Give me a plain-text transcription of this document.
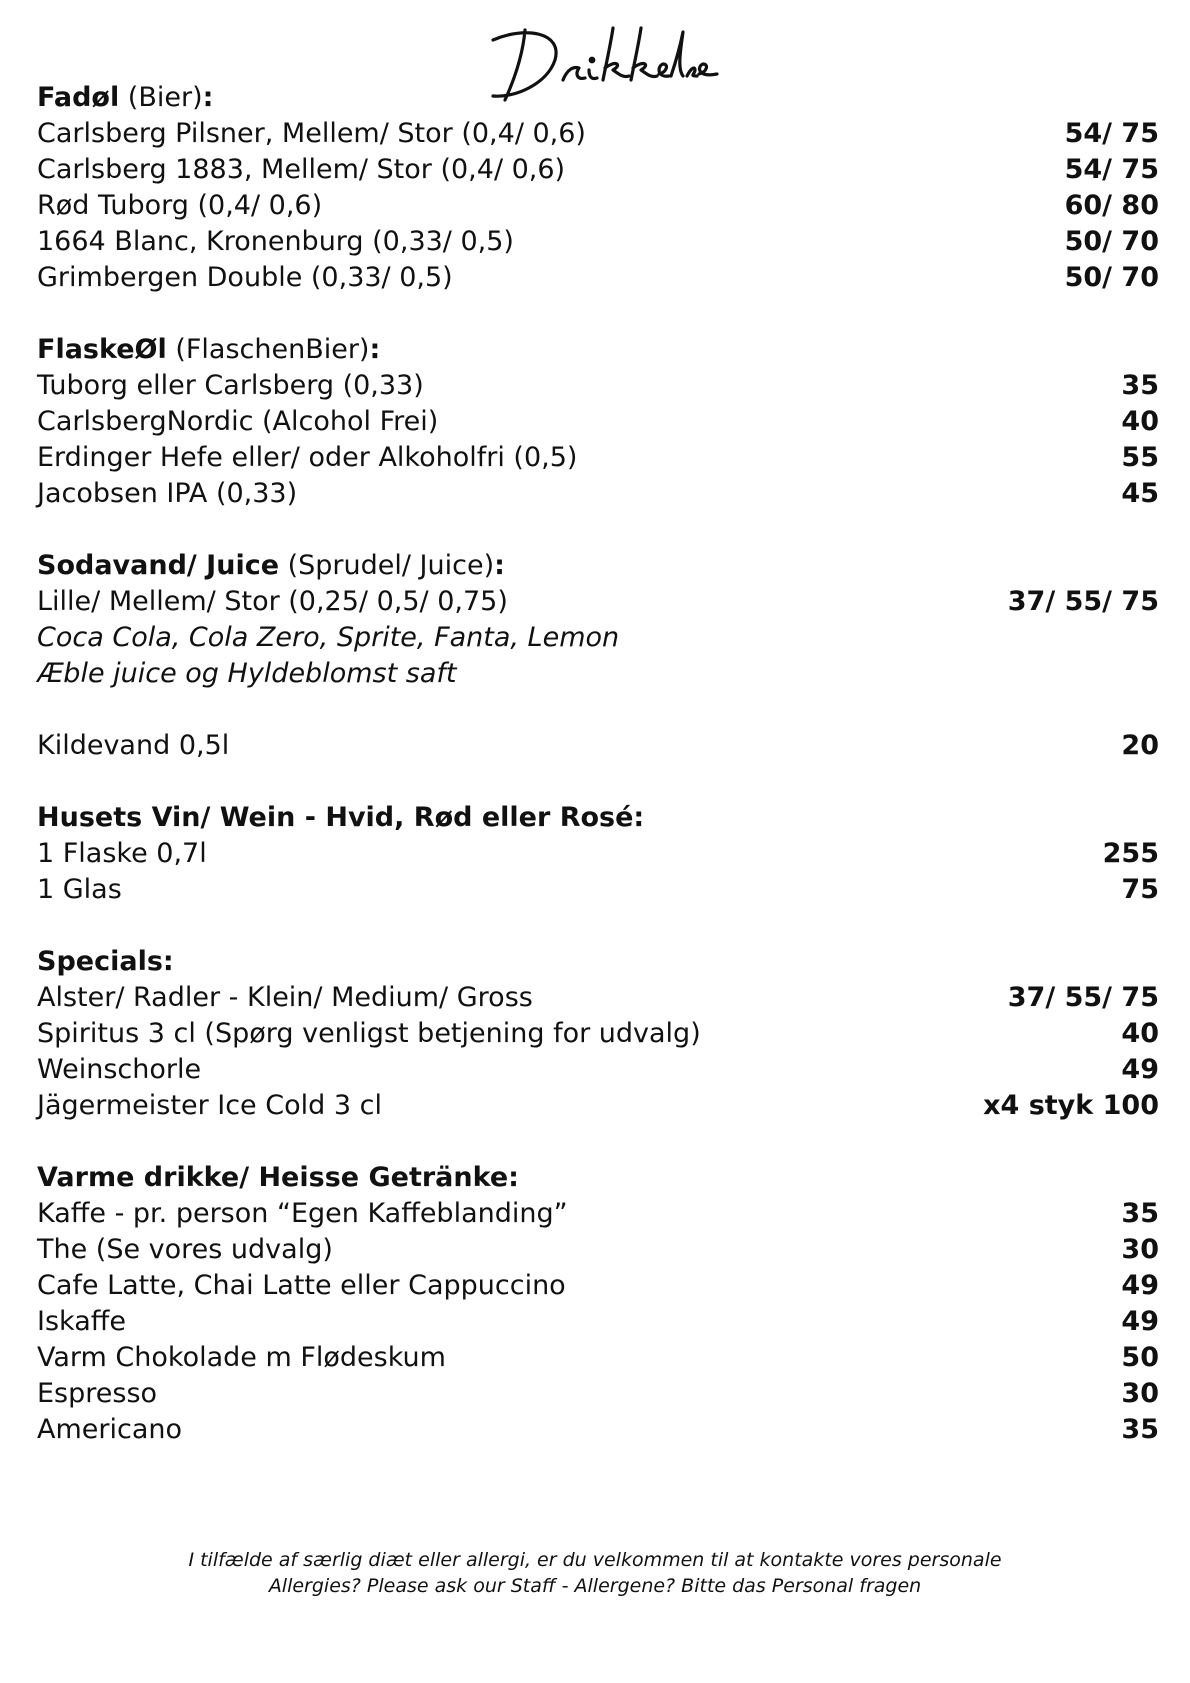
Fadøl (Bier):
Carlsberg Pilsner, Mellem/ Stor (0,4/ 0,6)	54/ 75
Carlsberg 1883, Mellem/ Stor (0,4/ 0,6)	54/ 75
Rød Tuborg (0,4/ 0,6)	60/ 80
1664 Blanc, Kronenburg (0,33/ 0,5)	50/ 70
Grimbergen Double (0,33/ 0,5)	50/ 70
FlaskeØl (FlaschenBier):
Tuborg eller Carlsberg (0,33)	35
CarlsbergNordic (Alcohol Frei)	40
Erdinger Hefe eller/ oder Alkoholfri (0,5)	55
Jacobsen IPA (0,33)	45
Sodavand/ Juice (Sprudel/ Juice):
Lille/ Mellem/ Stor (0,25/ 0,5/ 0,75)	37/ 55/ 75
Coca Cola, Cola Zero, Sprite, Fanta, Lemon
Æble juice og Hyldeblomst saft
Kildevand 0,5l	20
Husets Vin/ Wein - Hvid, Rød eller Rosé:
1 Flaske 0,7l	255
1 Glas	75
Specials:
Alster/ Radler - Klein/ Medium/ Gross	37/ 55/ 75
Spiritus 3 cl (Spørg venligst betjening for udvalg)	40
Weinschorle	49
Jägermeister Ice Cold 3 cl	x4 styk 100
Varme drikke/ Heisse Getränke:
Kaffe - pr. person “Egen Kaffeblanding”	35
The (Se vores udvalg)	30
Cafe Latte, Chai Latte eller Cappuccino	49
Iskaffe	49
Varm Chokolade m Flødeskum	50
Espresso	30
Americano	35
I tilfælde af særlig diæt eller allergi, er du velkommen til at kontakte vores personale
Allergies? Please ask our Staff - Allergene? Bitte das Personal fragen
